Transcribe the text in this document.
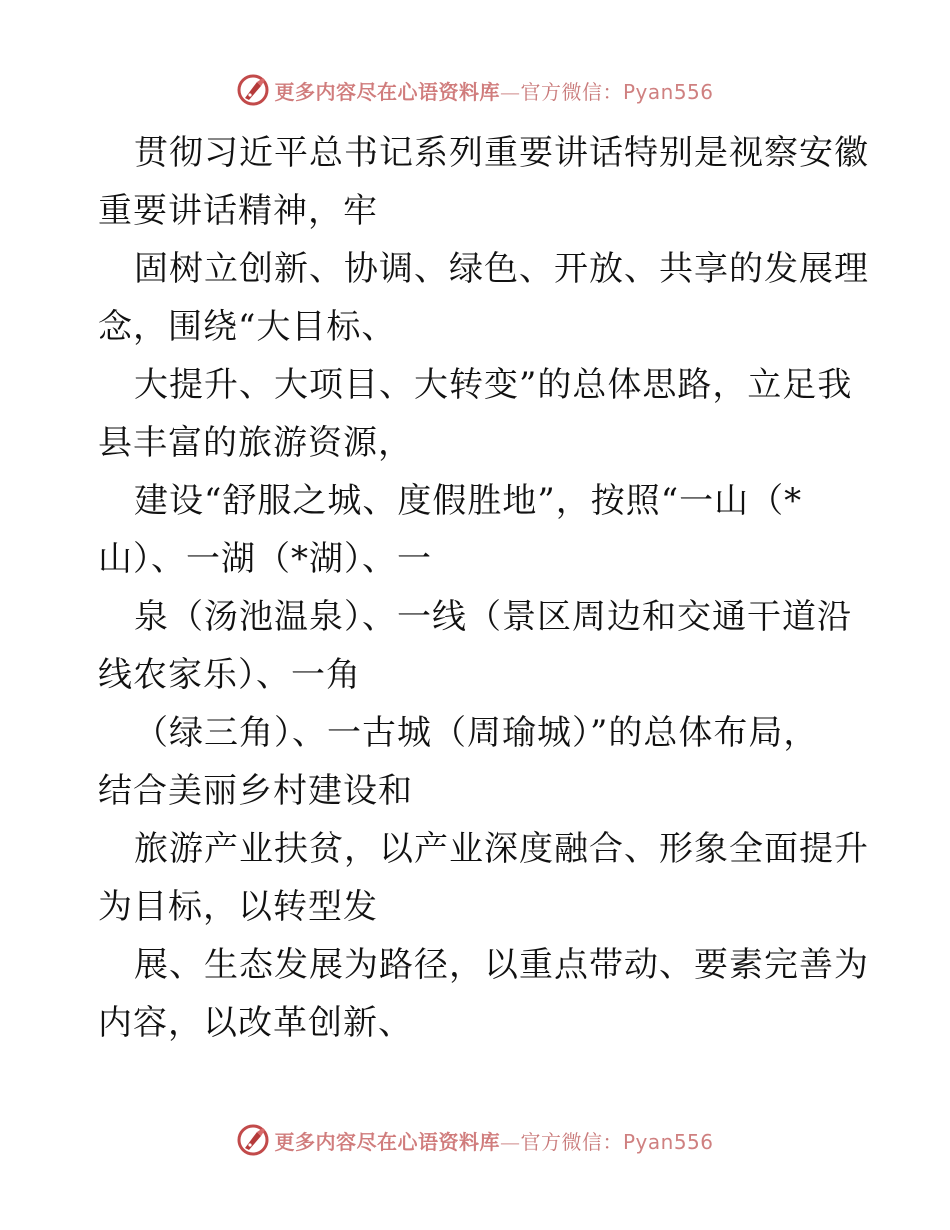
更多内容尽在心语资料库—官方微信：Pyan556
贯彻习近平总书记系列重要讲话特别是视察安徽
重要讲话精神，牢
固树立创新、协调、绿色、开放、共享的发展理
念，围绕“大目标、
大提升、大项目、大转变”的总体思路，立足我
县丰富的旅游资源，
建设“舒服之城、度假胜地”，按照“一山（*
山）、一湖（*湖）、一
泉（汤池温泉）、一线（景区周边和交通干道沿
线农家乐）、一角
（绿三角）、一古城（周瑜城）”的总体布局，
结合美丽乡村建设和
旅游产业扶贫，以产业深度融合、形象全面提升
为目标，以转型发
展、生态发展为路径，以重点带动、要素完善为
内容，以改革创新、
更多内容尽在心语资料库—官方微信：Pyan556
